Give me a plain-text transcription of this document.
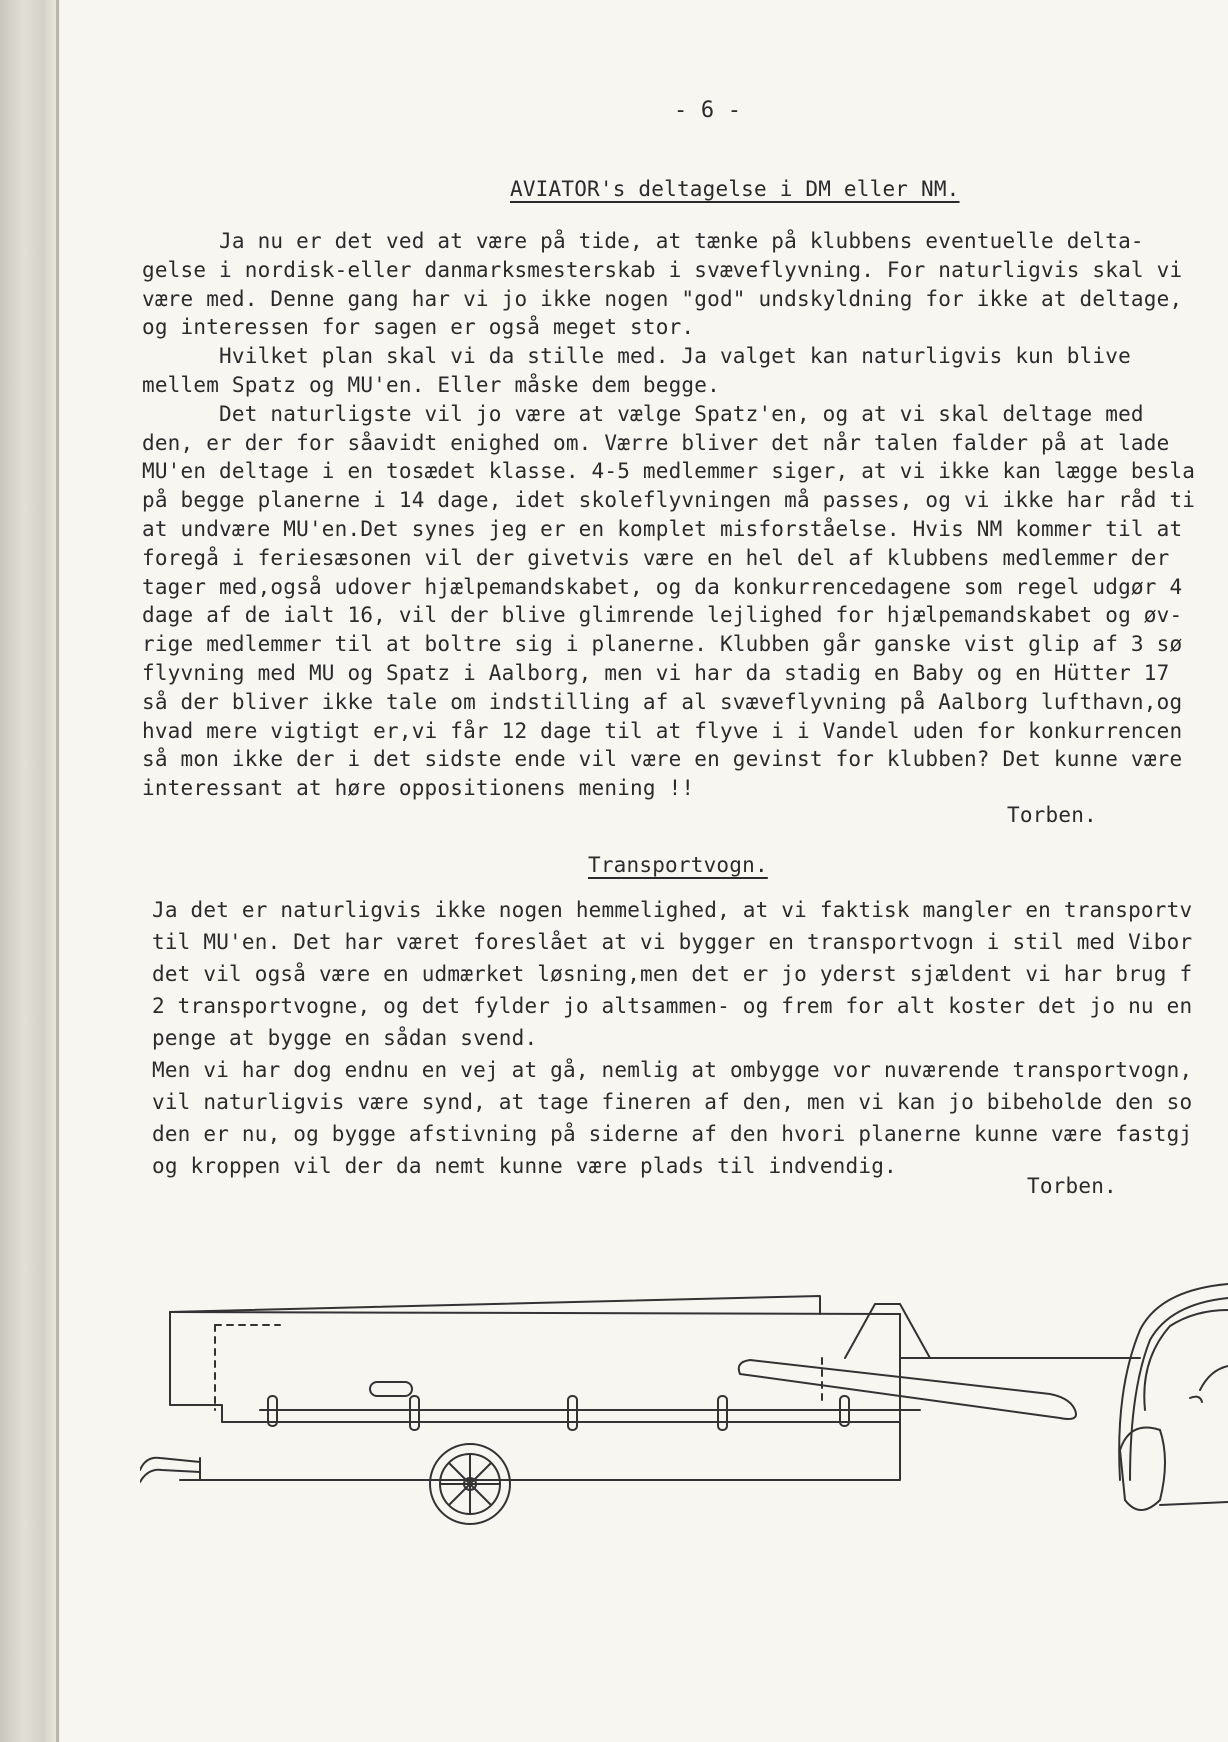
- 6 -
AVIATOR's deltagelse i DM eller NM.
Ja nu er det ved at være på tide, at tænke på klubbens eventuelle delta-
gelse i nordisk-eller danmarksmesterskab i svæveflyvning. For naturligvis skal vi
være med. Denne gang har vi jo ikke nogen "god" undskyldning for ikke at deltage,
og interessen for sagen er også meget stor.
Hvilket plan skal vi da stille med. Ja valget kan naturligvis kun blive
mellem Spatz og MU'en. Eller måske dem begge.
Det naturligste vil jo være at vælge Spatz'en, og at vi skal deltage med
den, er der for såavidt enighed om. Værre bliver det når talen falder på at lade
MU'en deltage i en tosædet klasse. 4-5 medlemmer siger, at vi ikke kan lægge besla
på begge planerne i 14 dage, idet skoleflyvningen må passes, og vi ikke har råd ti
at undvære MU'en.Det synes jeg er en komplet misforståelse. Hvis NM kommer til at
foregå i feriesæsonen vil der givetvis være en hel del af klubbens medlemmer der
tager med,også udover hjælpemandskabet, og da konkurrencedagene som regel udgør 4
dage af de ialt 16, vil der blive glimrende lejlighed for hjælpemandskabet og øv-
rige medlemmer til at boltre sig i planerne. Klubben går ganske vist glip af 3 sø
flyvning med MU og Spatz i Aalborg, men vi har da stadig en Baby og en Hütter 17
så der bliver ikke tale om indstilling af al svæveflyvning på Aalborg lufthavn,og
hvad mere vigtigt er,vi får 12 dage til at flyve i i Vandel uden for konkurrencen
så mon ikke der i det sidste ende vil være en gevinst for klubben? Det kunne være
interessant at høre oppositionens mening !!
Torben.
Transportvogn.
Ja det er naturligvis ikke nogen hemmelighed, at vi faktisk mangler en transportv
til MU'en. Det har været foreslået at vi bygger en transportvogn i stil med Vibor
det vil også være en udmærket løsning,men det er jo yderst sjældent vi har brug f
2 transportvogne, og det fylder jo altsammen- og frem for alt koster det jo nu en
penge at bygge en sådan svend.
Men vi har dog endnu en vej at gå, nemlig at ombygge vor nuværende transportvogn,
vil naturligvis være synd, at tage fineren af den, men vi kan jo bibeholde den so
den er nu, og bygge afstivning på siderne af den hvori planerne kunne være fastgj
og kroppen vil der da nemt kunne være plads til indvendig.
Torben.
